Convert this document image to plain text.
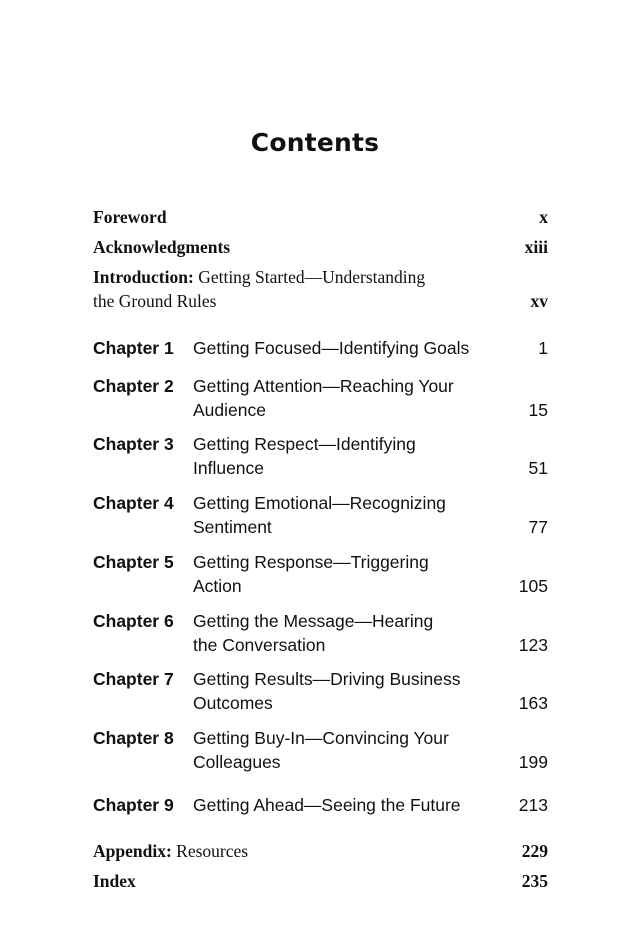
Contents
Foreword	x
Acknowledgments	xiii
Introduction: Getting Started—Understanding
the Ground Rules	xv
Chapter 1 Getting Focused—Identifying Goals	1
Chapter 2 Getting Attention—Reaching Your
Audience	15
Chapter 3 Getting Respect—Identifying
Influence	51
Chapter 4 Getting Emotional—Recognizing
Sentiment	77
Chapter 5 Getting Response—Triggering
Action	105
Chapter 6 Getting the Message—Hearing
the Conversation	123
Chapter 7 Getting Results—Driving Business
Outcomes	163
Chapter 8 Getting Buy-In—Convincing Your
Colleagues	199
Chapter 9 Getting Ahead—Seeing the Future	213
Appendix: Resources	229
Index	235
